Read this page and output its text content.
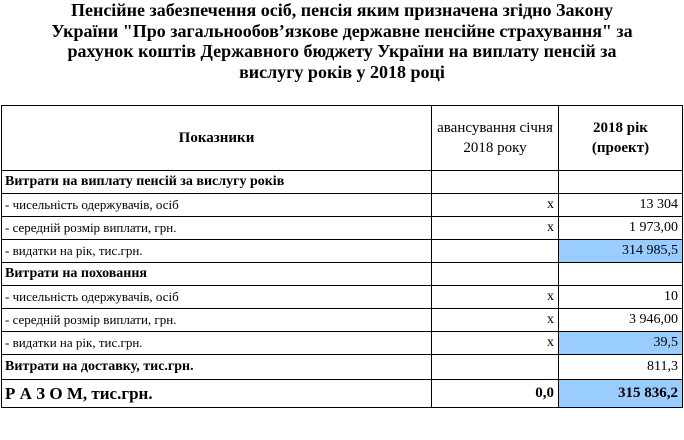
Пенсійне забезпечення осіб, пенсія яким призначена згідно Закону
України "Про загальнообов’язкове державне пенсійне страхування" за
рахунок коштів Державного бюджету України на виплату пенсій за
вислугу років у 2018 році
Показники	авансування січня 2018 року	2018 рік (проект)
Витрати на виплату пенсій за вислугу років		
- чисельність одержувачів, осіб	х	13 304
- середній розмір виплати, грн.	х	1 973,00
- видатки на рік, тис.грн.		314 985,5
Витрати на поховання		
- чисельність одержувачів, осіб	х	10
- середній розмір виплати, грн.	х	3 946,00
- видатки на рік, тис.грн.	х	39,5
Витрати на доставку, тис.грн.		811,3
Р А З О М, тис.грн.	0,0	315 836,2
